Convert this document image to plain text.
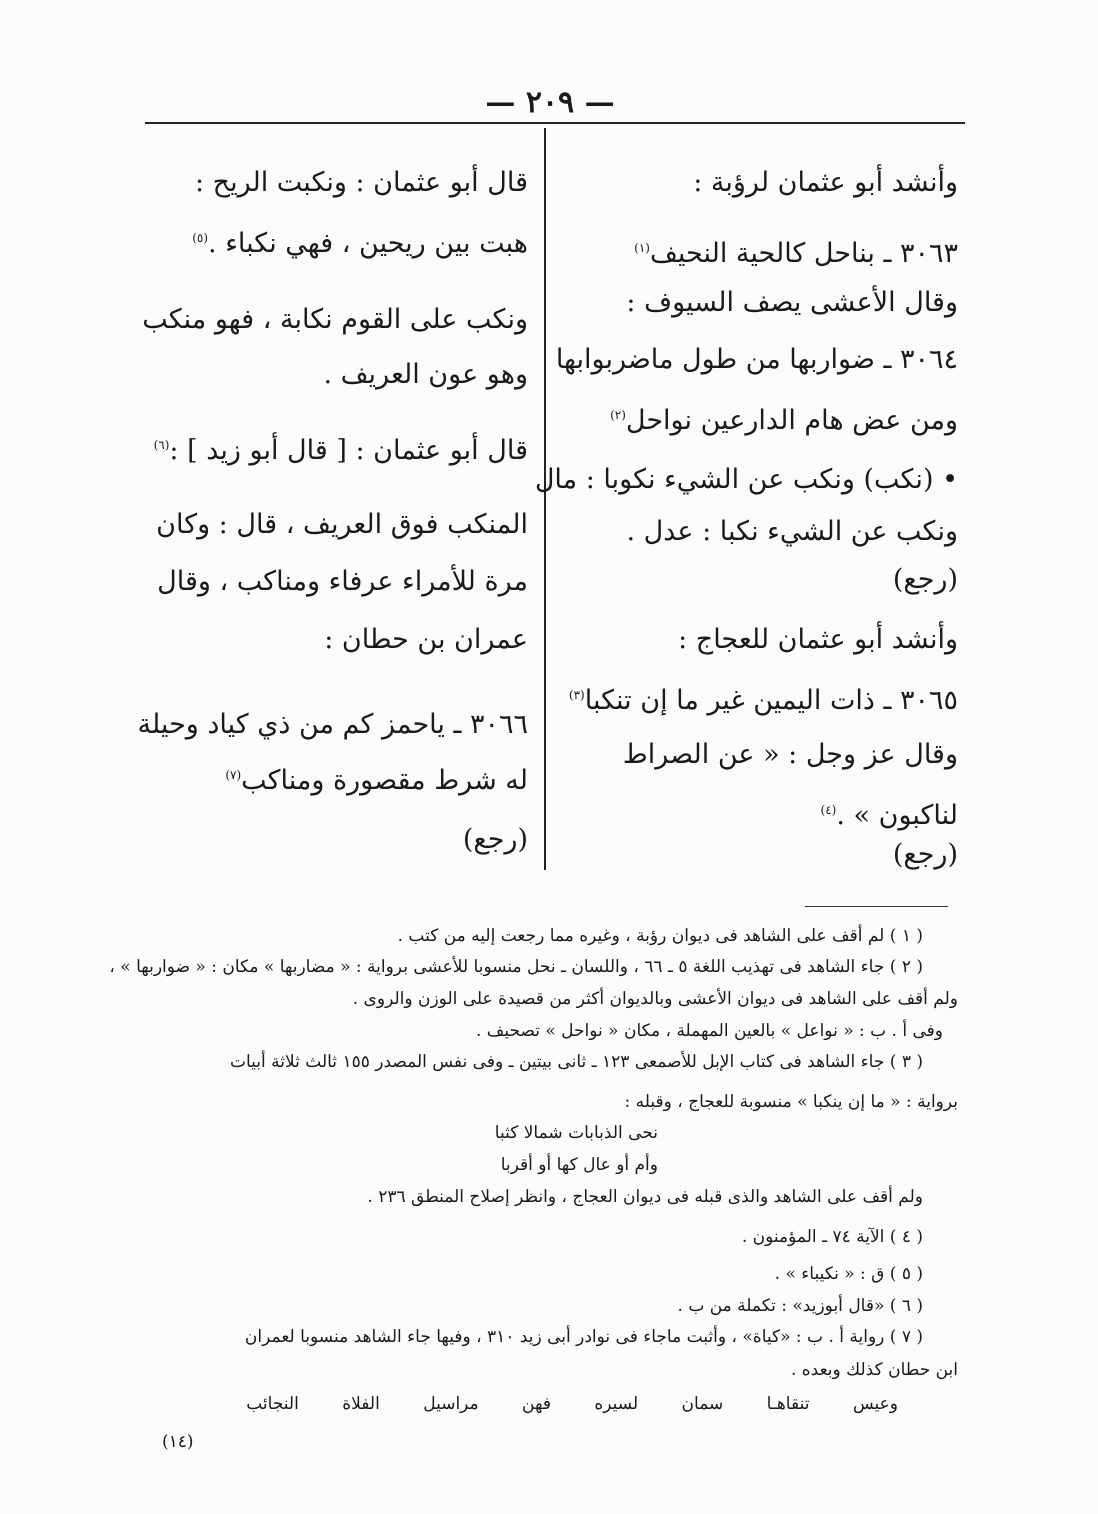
— ٢٠٩ —
وأنشد أبو عثمان لرؤبة :
٣٠٦٣ ـ بناحل كالحية النحيف$^{(١)}$
وقال الأعشى يصف السيوف :
٣٠٦٤ ـ ضواربها من طول ماضربوابها
ومن عض هام الدارعين نواحل$^{(٢)}$
• (نكب) ونكب عن الشيء نكوبا : مال
ونكب عن الشيء نكبا : عدل .
(رجع)
وأنشد أبو عثمان للعجاج :
٣٠٦٥ ـ ذات اليمين غير ما إن تنكبا$^{(٣)}$
وقال عز وجل : « عن الصراط
لناكبون » .$^{(٤)}$
(رجع)
قال أبو عثمان : ونكبت الريح :
هبت بين ريحين ، فهي نكباء .$^{(٥)}$
ونكب على القوم نكابة ، فهو منكب
وهو عون العريف .
قال أبو عثمان : [ قال أبو زيد ] :$^{(٦)}$
المنكب فوق العريف ، قال : وكان
مرة للأمراء عرفاء ومناكب ، وقال
عمران بن حطان :
٣٠٦٦ ـ ياحمز كم من ذي كياد وحيلة
له شرط مقصورة ومناكب$^{(٧)}$
(رجع)
( ١ ) لم أقف على الشاهد فى ديوان رؤبة ، وغيره مما رجعت إليه من كتب .
( ٢ ) جاء الشاهد فى تهذيب اللغة ٥ ـ ٦٦ ، واللسان ـ نحل منسوبا للأعشى برواية : « مضاربها » مكان : « ضواربها » ،
ولم أقف على الشاهد فى ديوان الأعشى وبالديوان أكثر من قصيدة على الوزن والروى .
وفى أ . ب : « نواعل » بالعين المهملة ، مكان « نواحل » تصحيف .
( ٣ ) جاء الشاهد فى كتاب الإبل للأصمعى ١٢٣ ـ ثانى بيتين ـ وفى نفس المصدر ١٥٥ ثالث ثلاثة أبيات
برواية : « ما إن ينكبا » منسوبة للعجاج ، وقبله :
نحى الذبابات شمالا كثبا
وأم أو عال كها أو أقربا
ولم أقف على الشاهد والذى قبله فى ديوان العجاج ، وانظر إصلاح المنطق ٢٣٦ .
( ٤ ) الآية ٧٤ ـ المؤمنون .
( ٥ ) ق : « نكيباء » .
( ٦ ) «قال أبوزيد» : تكملة من ب .
( ٧ ) رواية أ . ب : «كياة» ، وأثبت ماجاء فى نوادر أبى زيد ٣١٠ ، وفيها جاء الشاهد منسوبا لعمران
ابن حطان كذلك وبعده .
وعيس تنقاهـا سمان لسيره فهن مراسيل الفلاة النجائب
(١٤)
